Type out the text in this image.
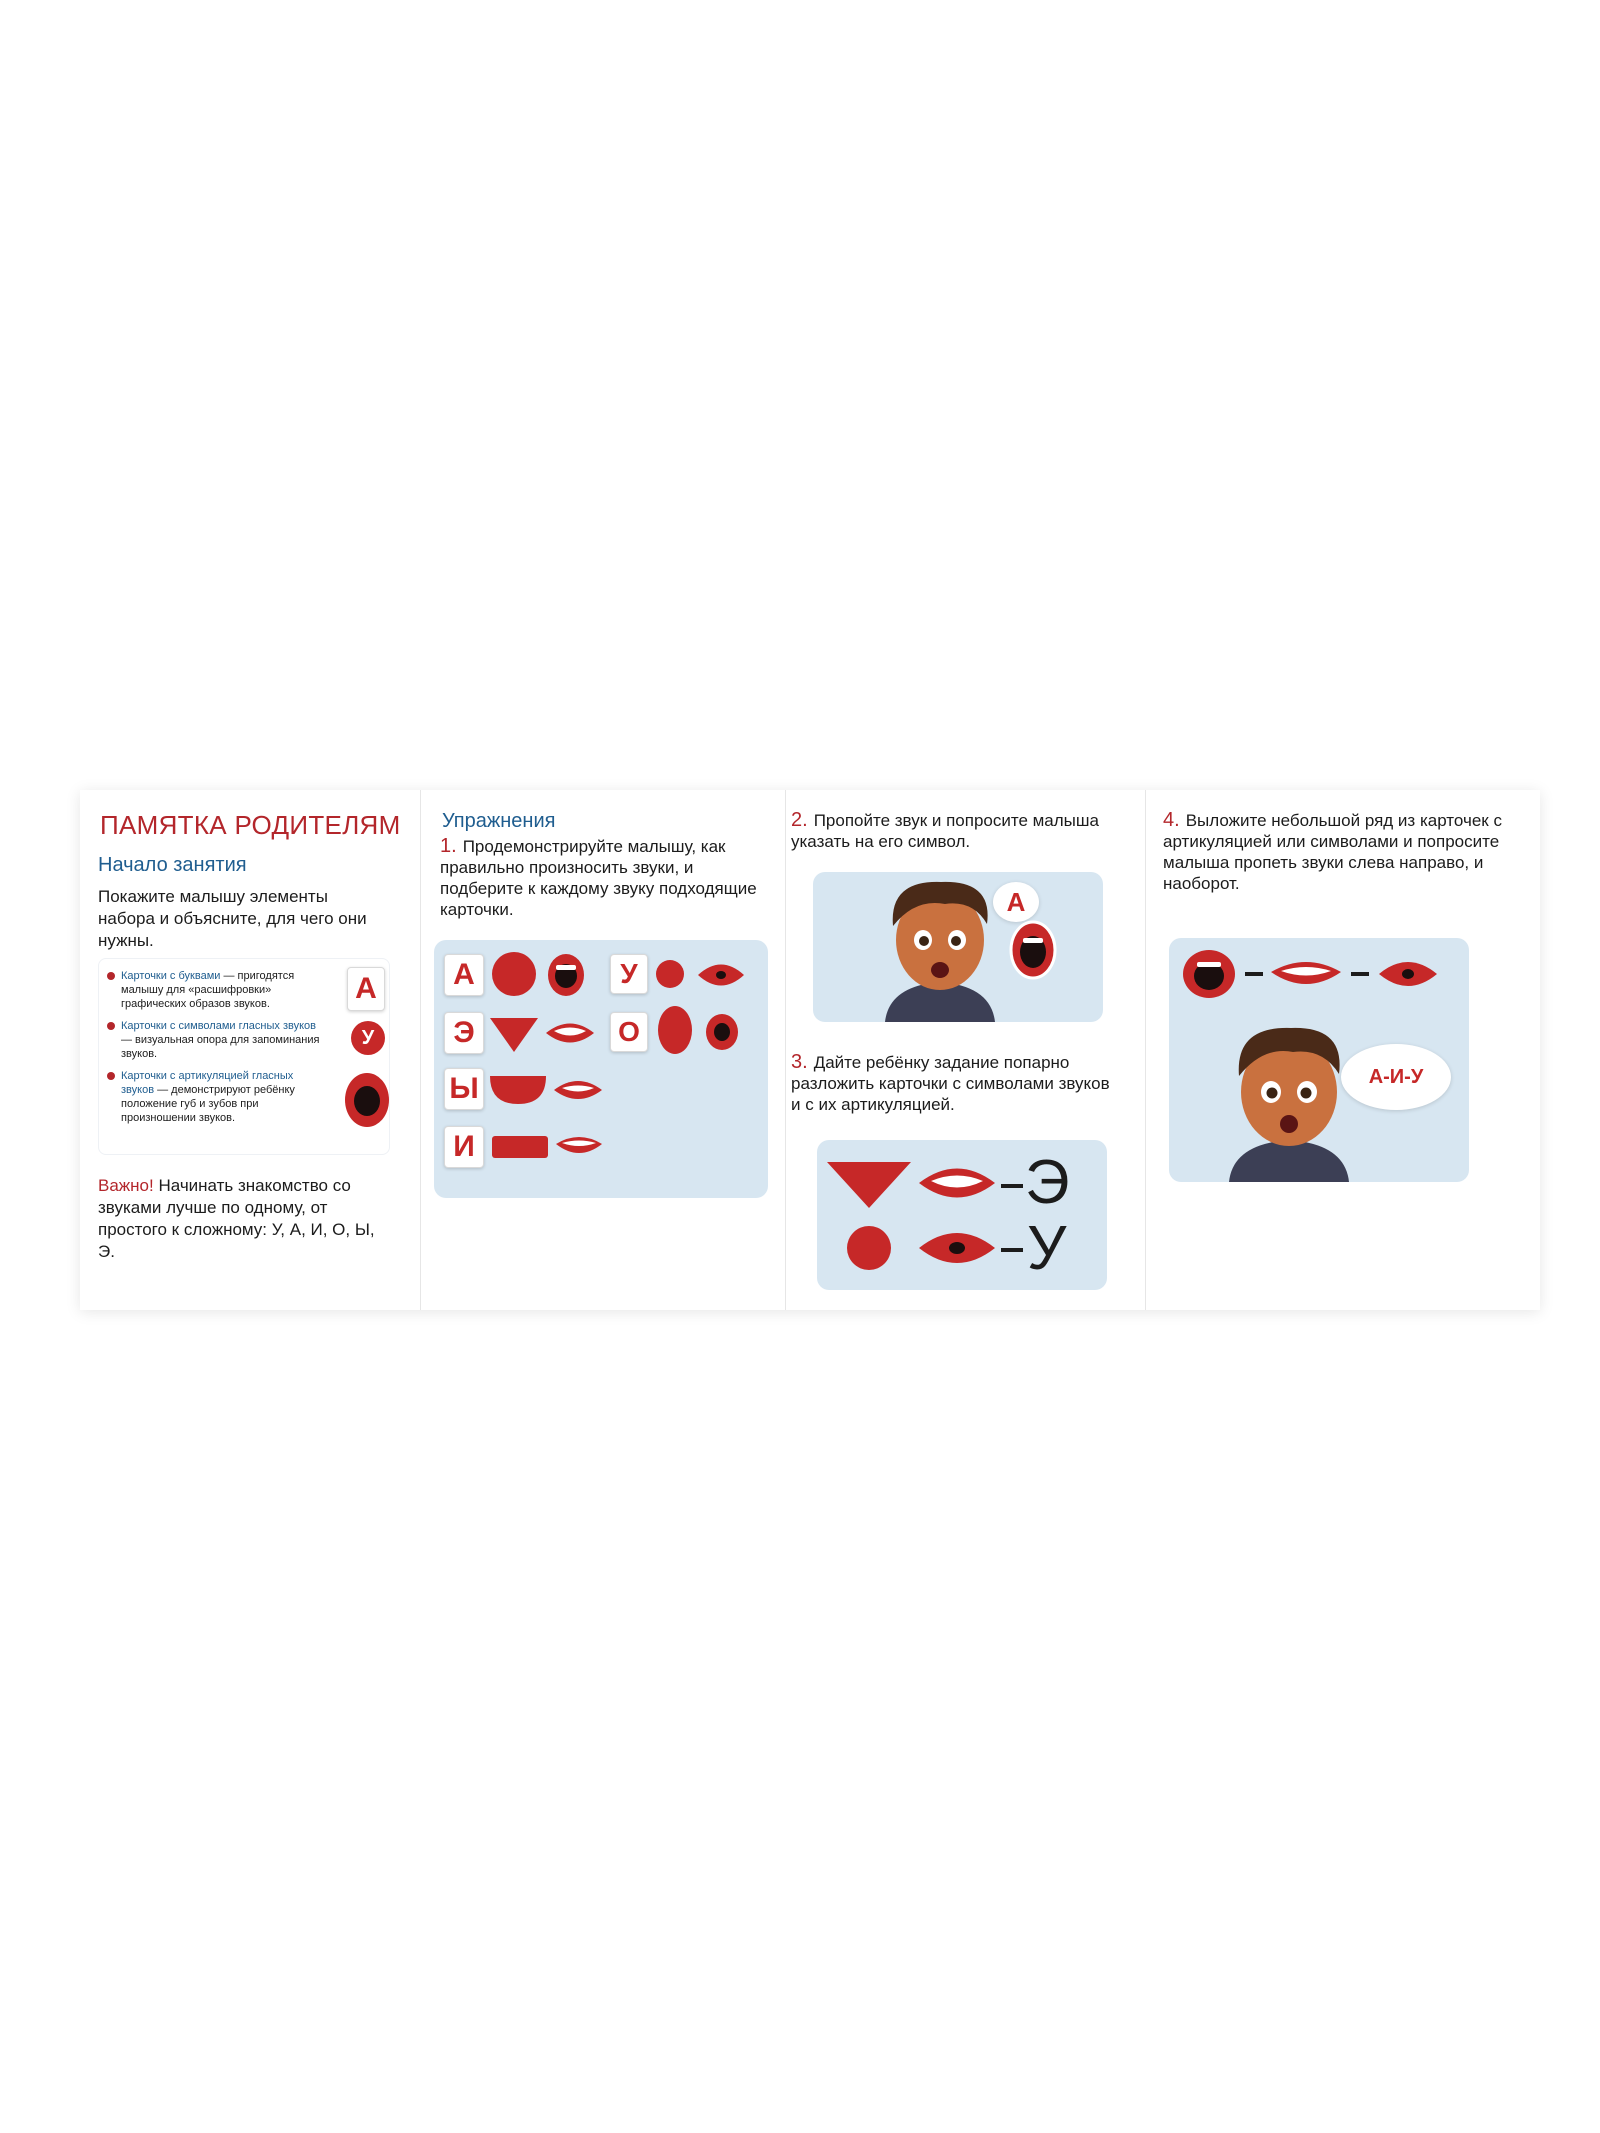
ПАМЯТКА РОДИТЕЛЯМ
Начало занятия
Покажите малышу элементы набора и объясните, для чего они нужны.
Карточки с буквами — пригодятся малышу для «расшифровки» графических образов звуков.
Карточки с символами гласных звуков — визуальная опора для запоминания звуков.
Карточки с артикуляцией гласных звуков — демонстрируют ребёнку положение губ и зубов при произношении звуков.
А
У
Важно! Начинать знакомство со звуками лучше по одному, от простого к сложному: У, А, И, О, Ы, Э.
Упражнения
1. Продемонстрируйте малышу, как правильно произносить звуки, и подберите к каждому звуку подходящие карточки.
А	У
Э	О
Ы
И
2. Пропойте звук и попросите малыша указать на его символ.
А
3. Дайте ребёнку задание попарно разложить карточки с символами звуков и с их артикуляцией.
Э
У
4. Выложите небольшой ряд из карточек с артикуляцией или символами и попросите малыша пропеть звуки слева направо, и наоборот.
А-И-У
